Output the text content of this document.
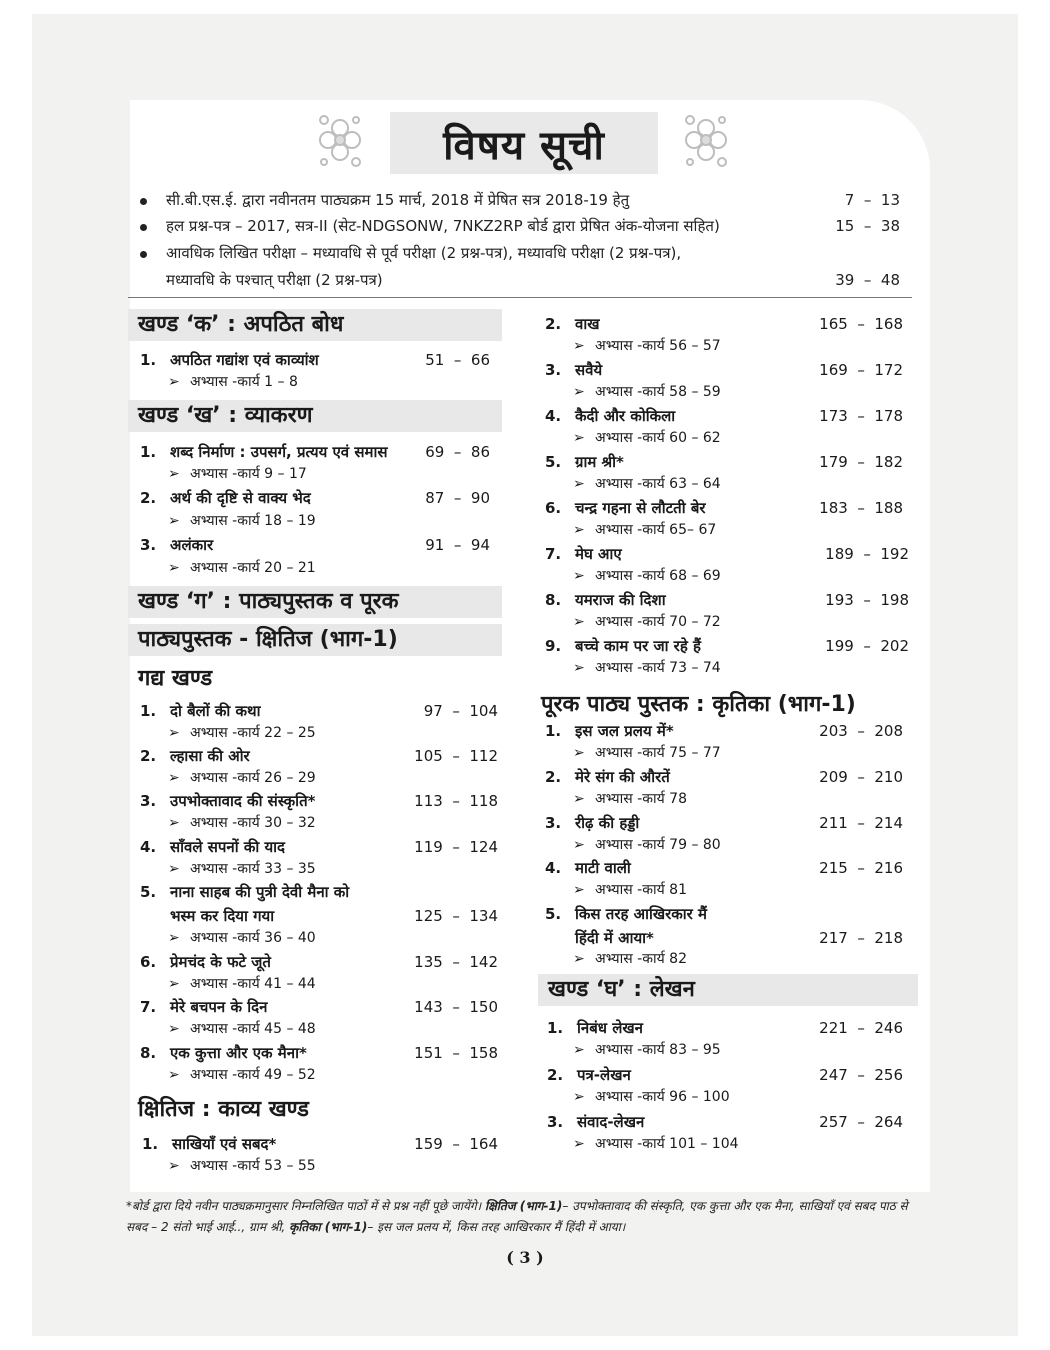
विषय सूची
सी.बी.एस.ई. द्वारा नवीनतम पाठ्यक्रम 15 मार्च, 2018 में प्रेषित सत्र 2018-19 हेतु	7  –  13
हल प्रश्न-पत्र – 2017, सत्र-II (सेट-NDGSONW, 7NKZ2RP बोर्ड द्वारा प्रेषित अंक-योजना सहित)	15  –  38
आवधिक लिखित परीक्षा – मध्यावधि से पूर्व परीक्षा (2 प्रश्न-पत्र), मध्यावधि परीक्षा (2 प्रश्न-पत्र),
मध्यावधि के पश्चात् परीक्षा (2 प्रश्न-पत्र)	39  –  48
खण्ड ‘क’ : अपठित बोध
1. अपठित गद्यांश एवं काव्यांश	51  –  66
➢ अभ्यास -कार्य 1 – 8
खण्ड ‘ख’ : व्याकरण
1. शब्द निर्माण : उपसर्ग, प्रत्यय एवं समास	69  –  86
➢ अभ्यास -कार्य 9 – 17
2. अर्थ की दृष्टि से वाक्य भेद	87  –  90
➢ अभ्यास -कार्य 18 – 19
3. अलंकार	91  –  94
➢ अभ्यास -कार्य 20 – 21
खण्ड ‘ग’ : पाठ्यपुस्तक व पूरक
पाठ्यपुस्तक - क्षितिज (भाग-1)
गद्य खण्ड
1. दो बैलों की कथा	97  –  104
➢ अभ्यास -कार्य 22 – 25
2. ल्हासा की ओर	105  –  112
➢ अभ्यास -कार्य 26 – 29
3. उपभोक्तावाद की संस्कृति*	113  –  118
➢ अभ्यास -कार्य 30 – 32
4. साँवले सपनों की याद	119  –  124
➢ अभ्यास -कार्य 33 – 35
5. नाना साहब की पुत्री देवी मैना को
भस्म कर दिया गया	125  –  134
➢ अभ्यास -कार्य 36 – 40
6. प्रेमचंद के फटे जूते	135  –  142
➢ अभ्यास -कार्य 41 – 44
7. मेरे बचपन के दिन	143  –  150
➢ अभ्यास -कार्य 45 – 48
8. एक कुत्ता और एक मैना*	151  –  158
➢ अभ्यास -कार्य 49 – 52
क्षितिज : काव्य खण्ड
1. साखियाँ एवं सबद*	159  –  164
➢ अभ्यास -कार्य 53 – 55
2. वाख	165  –  168
➢ अभ्यास -कार्य 56 – 57
3. सवैये	169  –  172
➢ अभ्यास -कार्य 58 – 59
4. कैदी और कोकिला	173  –  178
➢ अभ्यास -कार्य 60 – 62
5. ग्राम श्री*	179  –  182
➢ अभ्यास -कार्य 63 – 64
6. चन्द्र गहना से लौटती बेर	183  –  188
➢ अभ्यास -कार्य 65– 67
7. मेघ आए	189  –  192
➢ अभ्यास -कार्य 68 – 69
8. यमराज की दिशा	193  –  198
➢ अभ्यास -कार्य 70 – 72
9. बच्चे काम पर जा रहे हैं	199  –  202
➢ अभ्यास -कार्य 73 – 74
पूरक पाठ्य पुस्तक : कृतिका (भाग-1)
1. इस जल प्रलय में*	203  –  208
➢ अभ्यास -कार्य 75 – 77
2. मेरे संग की औरतें	209  –  210
➢ अभ्यास -कार्य 78
3. रीढ़ की हड्डी	211  –  214
➢ अभ्यास -कार्य 79 – 80
4. माटी वाली	215  –  216
➢ अभ्यास -कार्य 81
5. किस तरह आखिरकार मैं
हिंदी में आया*	217  –  218
➢ अभ्यास -कार्य 82
खण्ड ‘घ’ : लेखन
1. निबंध लेखन	221  –  246
➢ अभ्यास -कार्य 83 – 95
2. पत्र-लेखन	247  –  256
➢ अभ्यास -कार्य 96 – 100
3. संवाद-लेखन	257  –  264
➢ अभ्यास -कार्य 101 – 104
*बोर्ड द्वारा दिये नवीन पाठ्यक्रमानुसार निम्नलिखित पाठों में से प्रश्न नहीं पूछे जायेंगे। क्षितिज (भाग-1)– उपभोक्तावाद की संस्कृति, एक कुत्ता और एक मैना, साखियाँ एवं सबद पाठ से सबद – 2 संतो भाई आई.., ग्राम श्री, कृतिका (भाग-1)– इस जल प्रलय में, किस तरह आखिरकार मैं हिंदी में आया।
( 3 )
